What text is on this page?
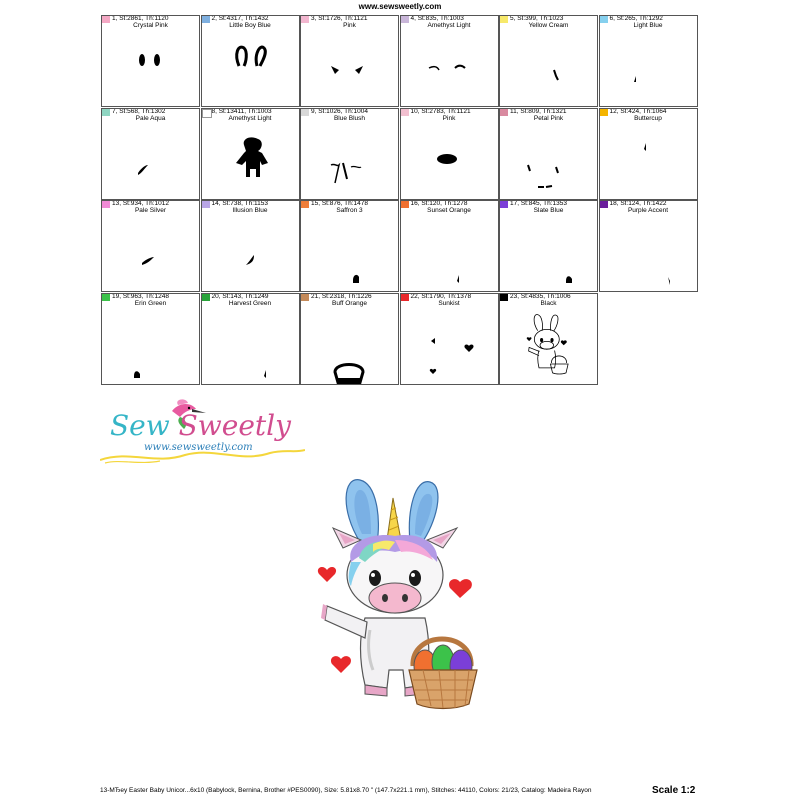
www.sewsweetly.com
1, St:2861, Th:1120
Crystal Pink
2, St:4317, Th:1432
Little Boy Blue
3, St:1726, Th:1121
Pink
4, St:835, Th:1003
Amethyst Light
5, St:399, Th:1023
Yellow Cream
6, St:265, Th:1292
Light Blue
7, St:568, Th:1302
Pale Aqua
8, St:13411, Th:1003
Amethyst Light
9, St:1026, Th:1004
Blue Blush
10, St:2783, Th:1121
Pink
11, St:809, Th:1321
Petal Pink
12, St:424, Th:1064
Buttercup
13, St:934, Th:1012
Pale Silver
14, St:738, Th:1153
Illusion Blue
15, St:876, Th:1478
Saffron 3
16, St:120, Th:1278
Sunset Orange
17, St:845, Th:1353
Slate Blue
18, St:124, Th:1422
Purple Accent
19, St:963, Th:1248
Erin Green
20, St:143, Th:1249
Harvest Green
21, St:2318, Th:1226
Buff Orange
22, St:1790, Th:1378
Sunkist
23, St:4835, Th:1006
Black
Sew Sweetly
www.sewsweetly.com
13-MЂеу Easter Baby Unicor...6x10 (Babylock, Bernina, Brother #PES0090), Size: 5.81x8.70 " (147.7x221.1 mm), Stitches: 44110, Colors: 21/23, Catalog: Madeira Rayon	Scale 1:2
